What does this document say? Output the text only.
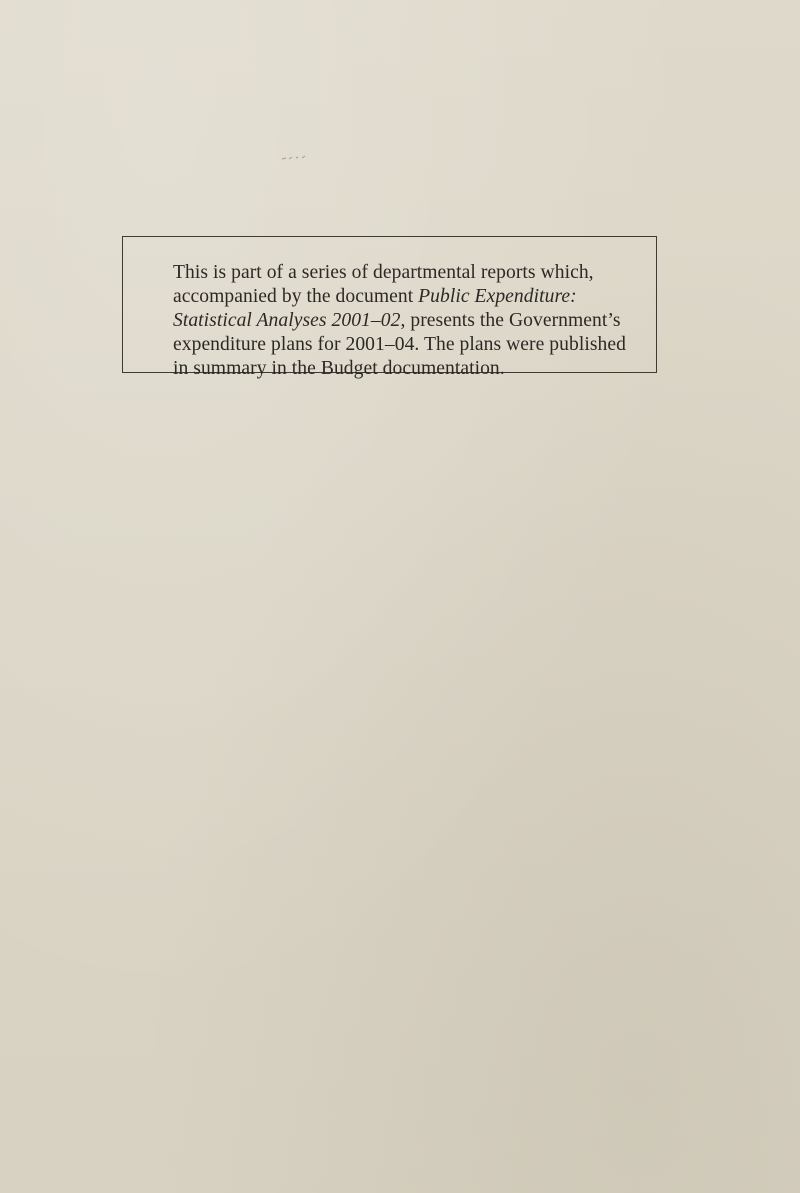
This is part of a series of departmental reports which, accompanied by the document Public Expenditure: Statistical Analyses 2001–02, presents the Government’s expenditure plans for 2001–04. The plans were published in summary in the Budget documentation.
